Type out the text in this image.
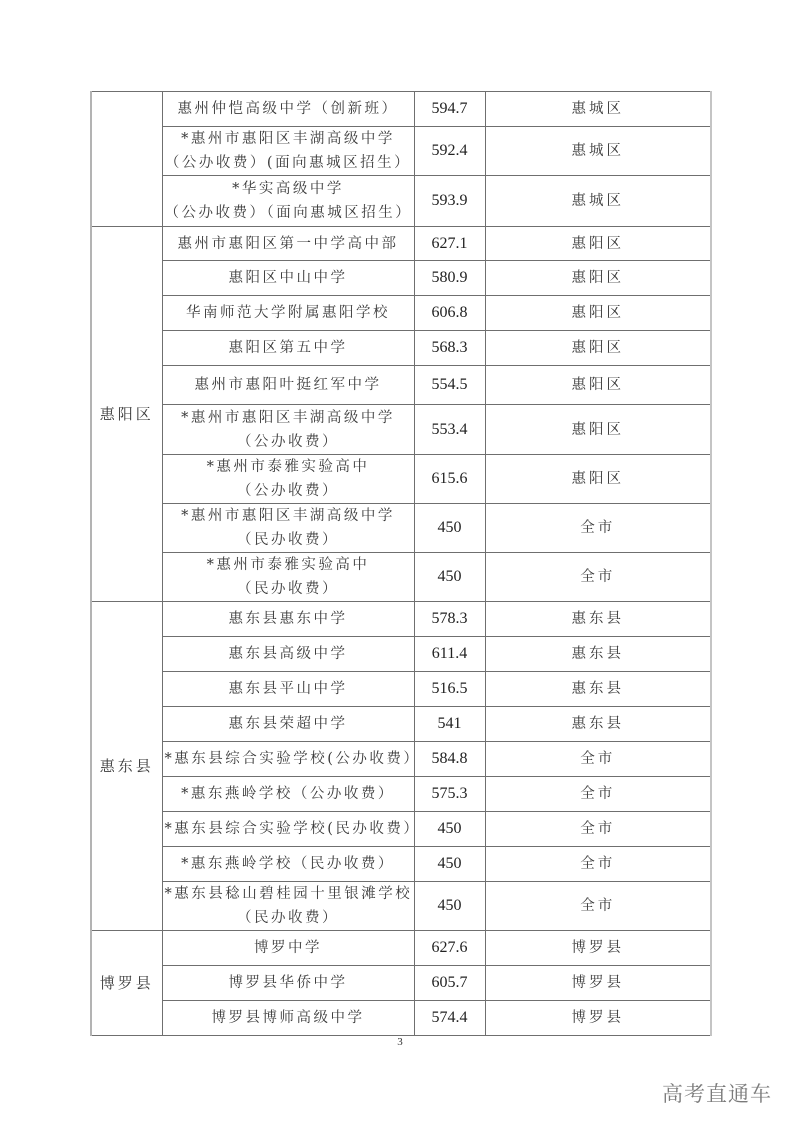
	惠州仲恺高级中学（创新班）	594.7	惠城区

	*惠州市惠阳区丰湖高级中学
（公办收费）(面向惠城区招生）	592.4	惠城区

	*华实高级中学
（公办收费）（面向惠城区招生）	593.9	惠城区
惠阳区	惠州市惠阳区第一中学高中部	627.1	惠阳区

	惠阳区中山中学	580.9	惠阳区

	华南师范大学附属惠阳学校	606.8	惠阳区

	惠阳区第五中学	568.3	惠阳区

	惠州市惠阳叶挺红军中学	554.5	惠阳区

	*惠州市惠阳区丰湖高级中学
（公办收费）	553.4	惠阳区

	*惠州市泰雅实验高中
（公办收费）	615.6	惠阳区

	*惠州市惠阳区丰湖高级中学
（民办收费）	450	全市

	*惠州市泰雅实验高中
（民办收费）	450	全市
惠东县	惠东县惠东中学	578.3	惠东县

	惠东县高级中学	611.4	惠东县

	惠东县平山中学	516.5	惠东县

	惠东县荣超中学	541	惠东县

	*惠东县综合实验学校(公办收费）	584.8	全市

	*惠东燕岭学校（公办收费）	575.3	全市

	*惠东县综合实验学校(民办收费）	450	全市

	*惠东燕岭学校（民办收费）	450	全市

	*惠东县稔山碧桂园十里银滩学校
（民办收费）	450	全市
博罗县	博罗中学	627.6	博罗县

	博罗县华侨中学	605.7	博罗县

	博罗县博师高级中学	574.4	博罗县
3
高考直通车
